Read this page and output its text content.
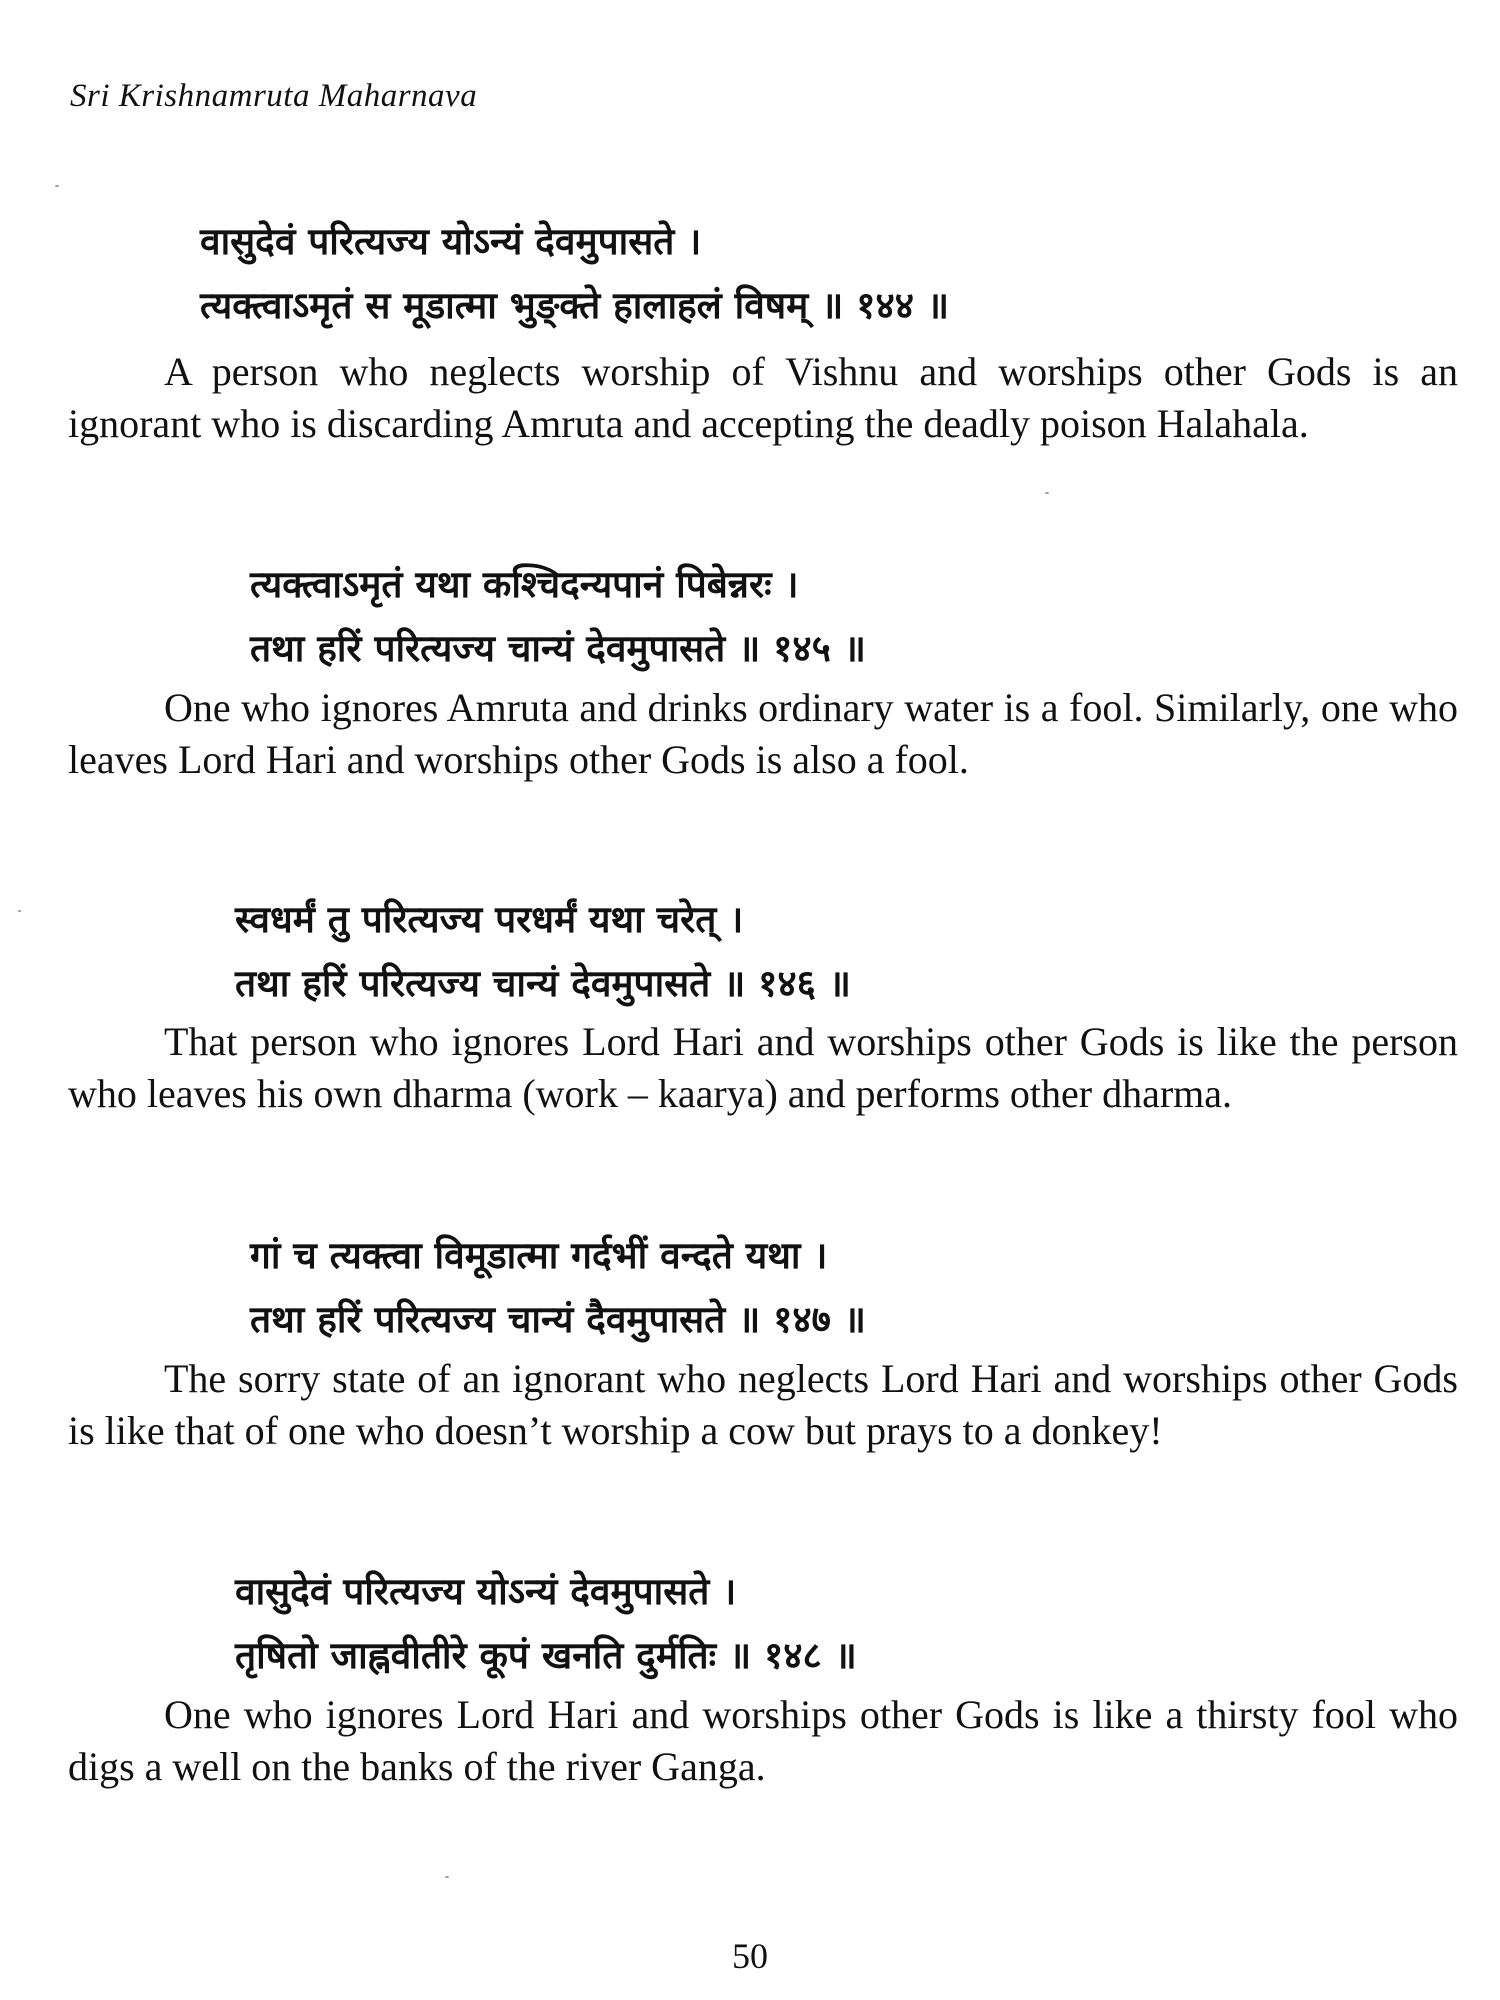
Sri Krishnamruta Maharnava
वासुदेवं परित्यज्य योऽन्यं देवमुपासते ।
त्यक्त्वाऽमृतं स मूडात्मा भुङ्क्ते हालाहलं विषम् ॥ १४४ ॥

A person who neglects worship of Vishnu and worships other Gods is an ignorant who is discarding Amruta and accepting the deadly poison Halahala.

त्यक्त्वाऽमृतं यथा कश्चिदन्यपानं पिबेन्नरः ।
तथा हरिं परित्यज्य चान्यं देवमुपासते ॥ १४५ ॥

One who ignores Amruta and drinks ordinary water is a fool. Similarly, one who leaves Lord Hari and worships other Gods is also a fool.

स्वधर्मं तु परित्यज्य परधर्मं यथा चरेत् ।
तथा हरिं परित्यज्य चान्यं देवमुपासते ॥ १४६ ॥

That person who ignores Lord Hari and worships other Gods is like the person who leaves his own dharma (work – kaarya) and performs other dharma.

गां च त्यक्त्वा विमूडात्मा गर्दभीं वन्दते यथा ।
तथा हरिं परित्यज्य चान्यं दैवमुपासते ॥ १४७ ॥

The sorry state of an ignorant who neglects Lord Hari and worships other Gods is like that of one who doesn’t worship a cow but prays to a donkey!

वासुदेवं परित्यज्य योऽन्यं देवमुपासते ।
तृषितो जाह्नवीतीरे कूपं खनति दुर्मतिः ॥ १४८ ॥

One who ignores Lord Hari and worships other Gods is like a thirsty fool who digs a well on the banks of the river Ganga.

50
